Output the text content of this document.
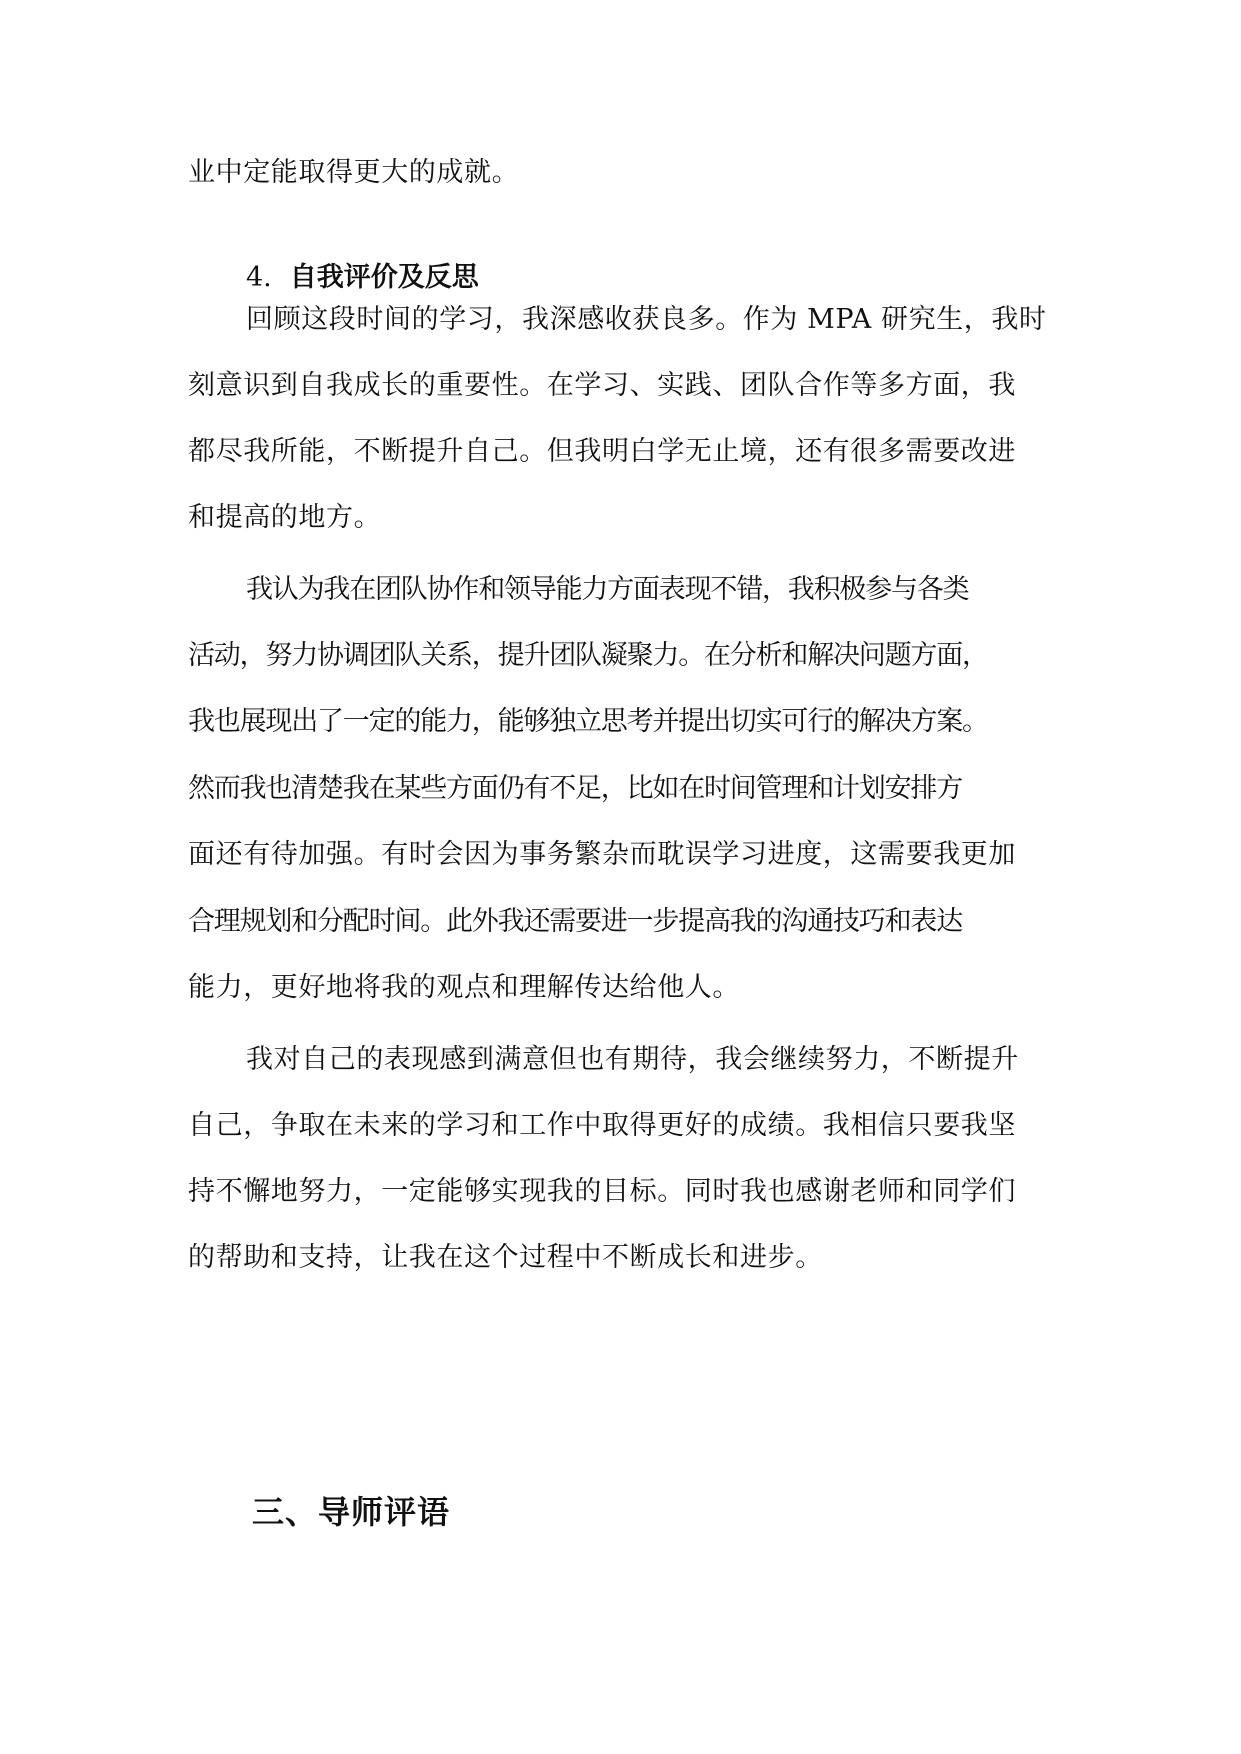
业中定能取得更大的成就。
4. 自我评价及反思
回顾这段时间的学习，我深感收获良多。作为 MPA 研究生，我时
刻意识到自我成长的重要性。在学习、实践、团队合作等多方面，我
都尽我所能，不断提升自己。但我明白学无止境，还有很多需要改进
和提高的地方。
我认为我在团队协作和领导能力方面表现不错，我积极参与各类
活动，努力协调团队关系，提升团队凝聚力。在分析和解决问题方面，
我也展现出了一定的能力，能够独立思考并提出切实可行的解决方案。
然而我也清楚我在某些方面仍有不足，比如在时间管理和计划安排方
面还有待加强。有时会因为事务繁杂而耽误学习进度，这需要我更加
合理规划和分配时间。此外我还需要进一步提高我的沟通技巧和表达
能力，更好地将我的观点和理解传达给他人。
我对自己的表现感到满意但也有期待，我会继续努力，不断提升
自己，争取在未来的学习和工作中取得更好的成绩。我相信只要我坚
持不懈地努力，一定能够实现我的目标。同时我也感谢老师和同学们
的帮助和支持，让我在这个过程中不断成长和进步。
三、导师评语
